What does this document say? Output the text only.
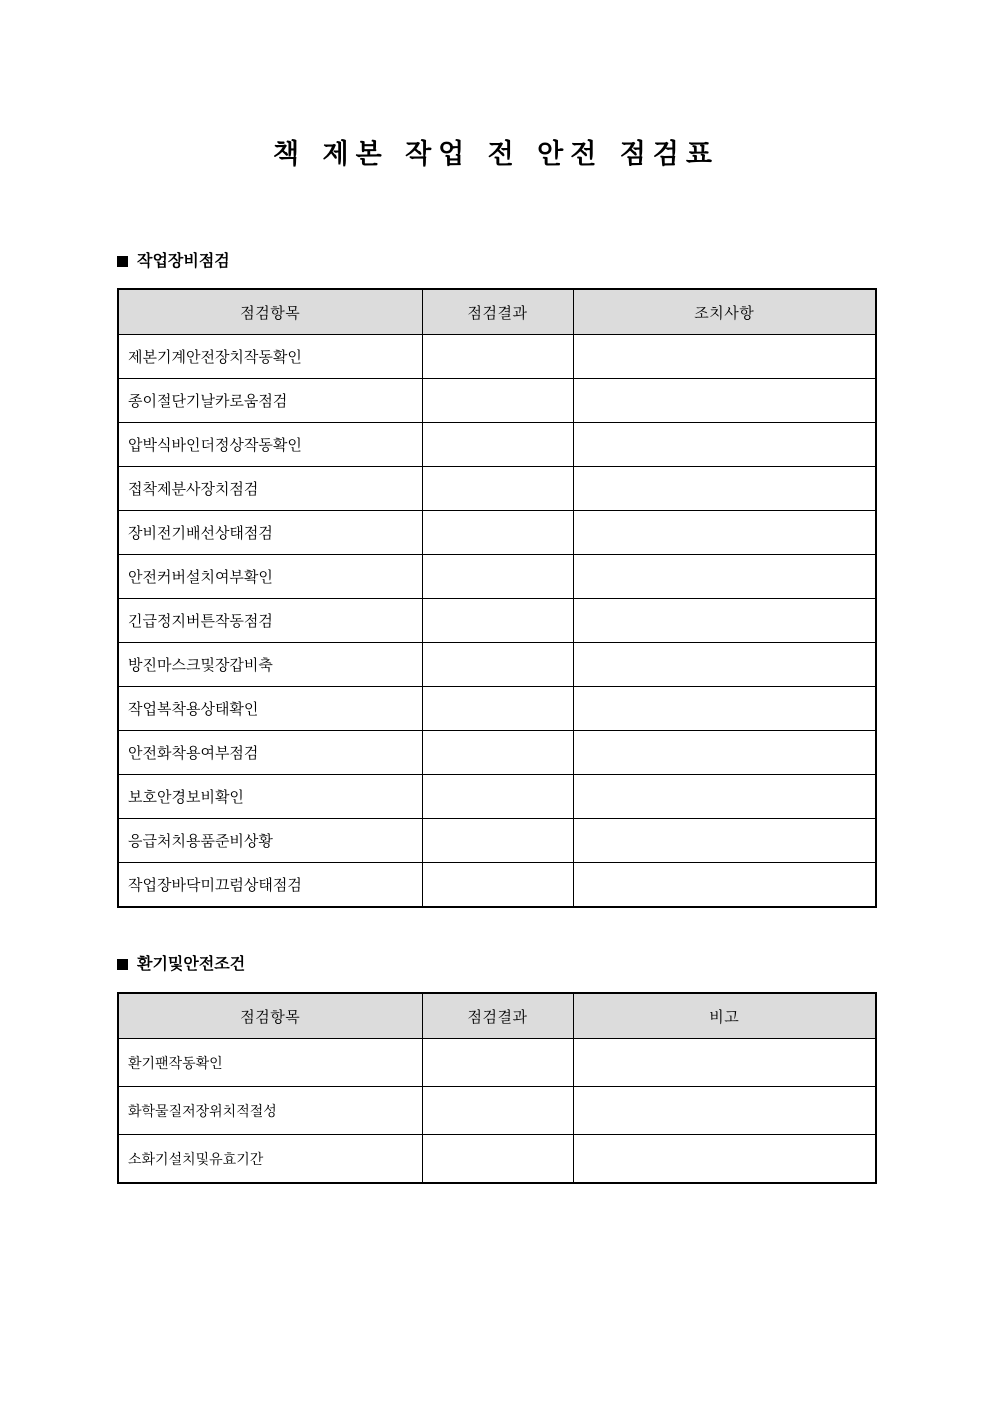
책 제본 작업 전 안전 점검표
작업장비점검
점검항목	점검결과	조치사항
제본기계안전장치작동확인		
종이절단기날카로움점검		
압박식바인더정상작동확인		
접착제분사장치점검		
장비전기배선상태점검		
안전커버설치여부확인		
긴급정지버튼작동점검		
방진마스크및장갑비축		
작업복착용상태확인		
안전화착용여부점검		
보호안경보비확인		
응급처치용품준비상황		
작업장바닥미끄럼상태점검		
환기및안전조건
점검항목	점검결과	비고
환기팬작동확인		
화학물질저장위치적절성		
소화기설치및유효기간		
